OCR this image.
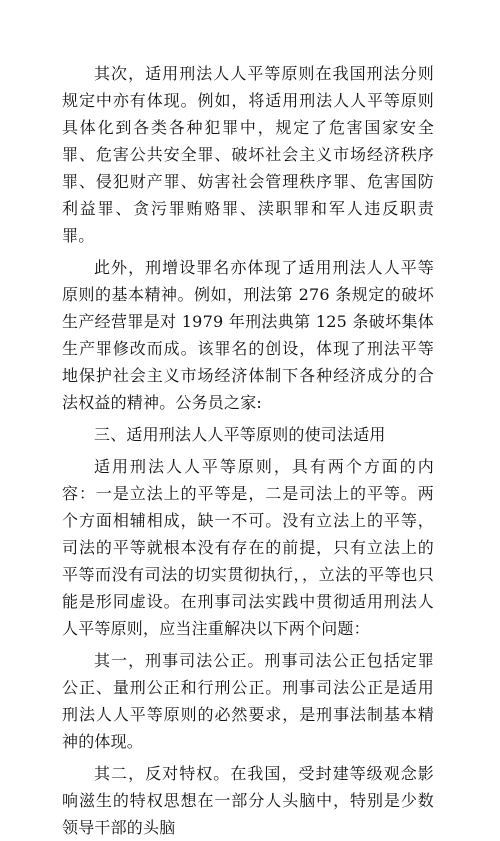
其次，适用刑法人人平等原则在我国刑法分则规定中亦有体现。例如，将适用刑法人人平等原则具体化到各类各种犯罪中，规定了危害国家安全罪、危害公共安全罪、破坏社会主义市场经济秩序罪、侵犯财产罪、妨害社会管理秩序罪、危害国防利益罪、贪污罪贿赂罪、渎职罪和军人违反职责罪。

此外，刑增设罪名亦体现了适用刑法人人平等原则的基本精神。例如，刑法第 276 条规定的破坏生产经营罪是对 1979 年刑法典第 125 条破坏集体生产罪修改而成。该罪名的创设，体现了刑法平等地保护社会主义市场经济体制下各种经济成分的合法权益的精神。公务员之家:

三、适用刑法人人平等原则的使司法适用

适用刑法人人平等原则，具有两个方面的内容：一是立法上的平等是，二是司法上的平等。两个方面相辅相成，缺一不可。没有立法上的平等，司法的平等就根本没有存在的前提，只有立法上的平等而没有司法的切实贯彻执行，，立法的平等也只能是形同虚设。在刑事司法实践中贯彻适用刑法人人平等原则，应当注重解决以下两个问题：

其一，刑事司法公正。刑事司法公正包括定罪公正、量刑公正和行刑公正。刑事司法公正是适用刑法人人平等原则的必然要求，是刑事法制基本精神的体现。

其二，反对特权。在我国，受封建等级观念影响滋生的特权思想在一部分人头脑中，特别是少数领导干部的头脑
